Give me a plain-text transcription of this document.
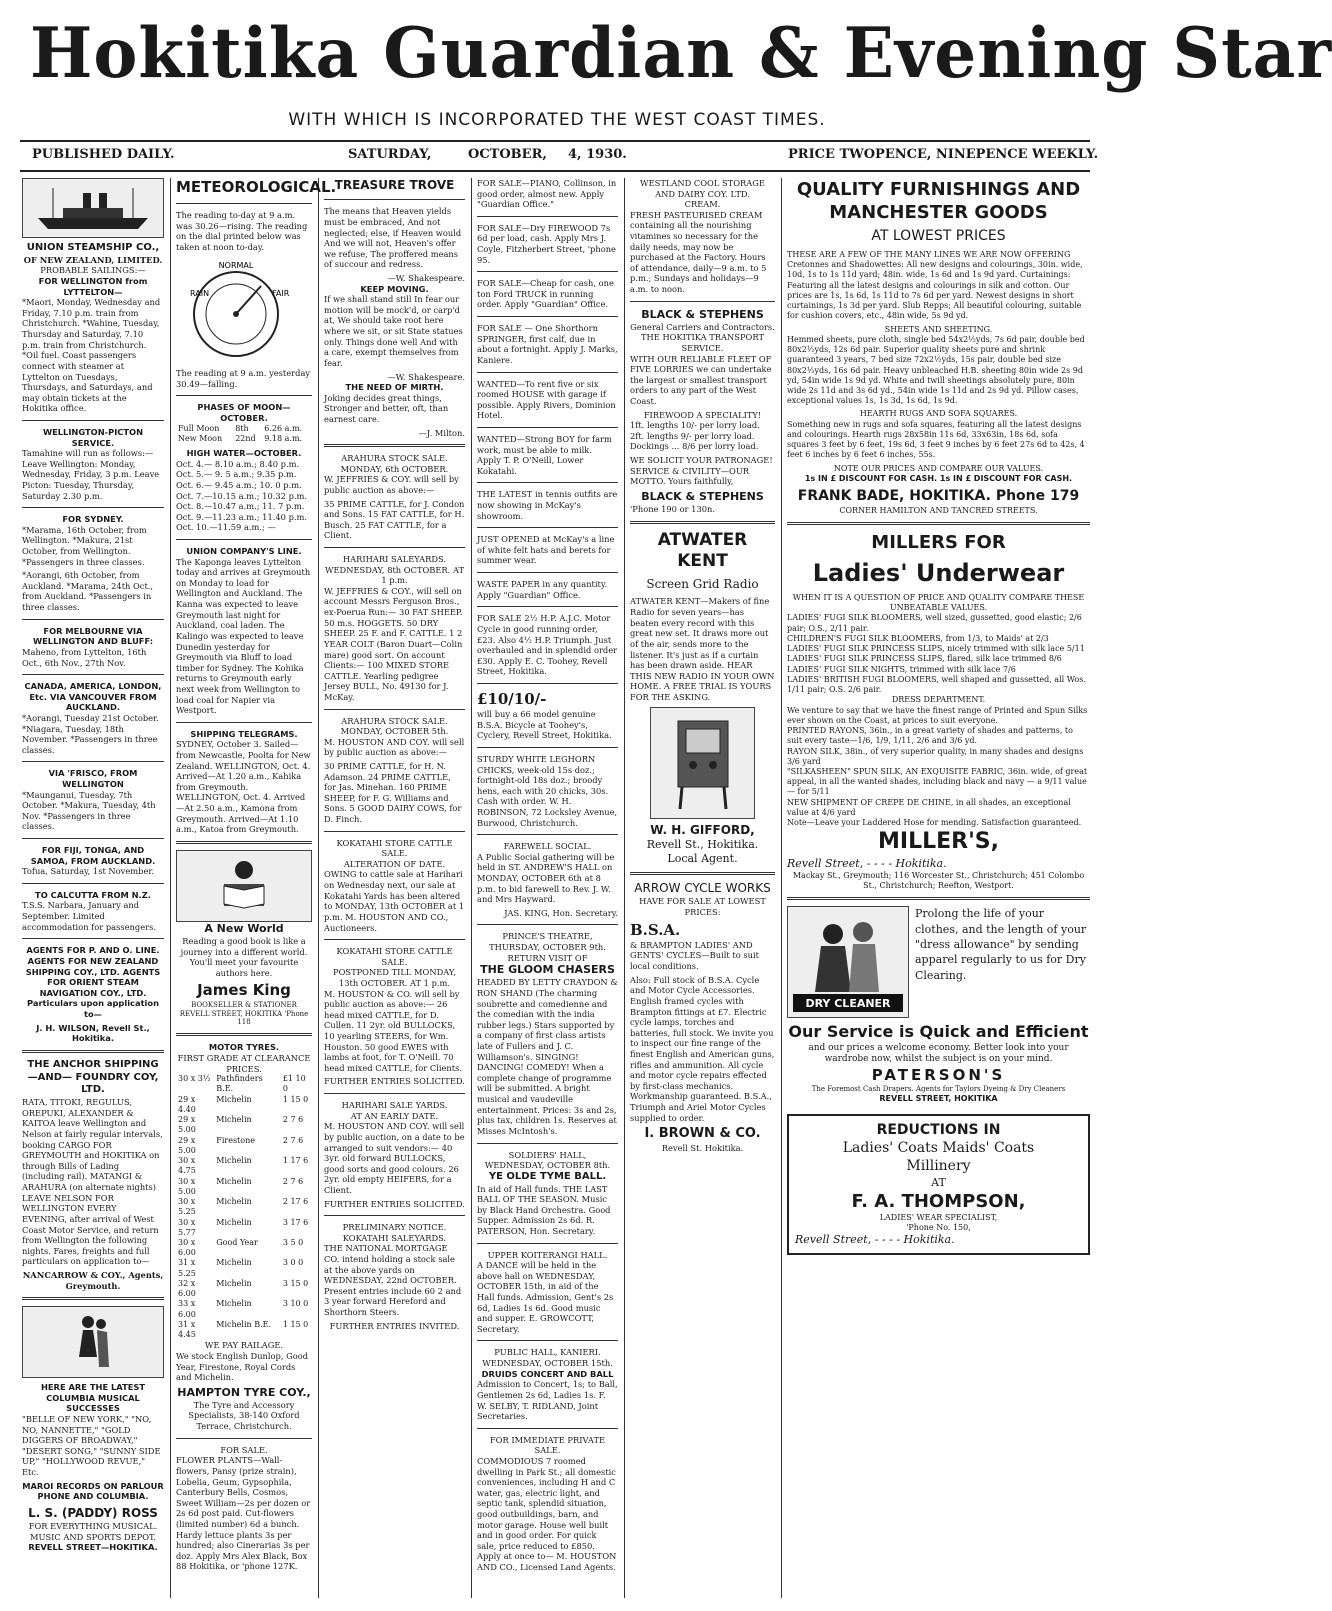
Hokitika Guardian & Evening Star
WITH WHICH IS INCORPORATED THE WEST COAST TIMES.
PUBLISHED DAILY.	SATURDAY,	OCTOBER, 4, 1930.	PRICE TWOPENCE, NINEPENCE WEEKLY.
UNION STEAMSHIP CO.,
OF NEW ZEALAND, LIMITED.
PROBABLE SAILINGS:—
FOR WELLINGTON from LYTTELTON—

*Maori, Monday, Wednesday and Friday, 7.10 p.m. train from Christchurch. *Wahine, Tuesday, Thursday and Saturday, 7.10 p.m. train from Christchurch. *Oil fuel. Coast passengers connect with steamer at Lyttelton on Tuesdays, Thursdays, and Saturdays, and may obtain tickets at the Hokitika office.

WELLINGTON-PICTON SERVICE.

Tamahine will run as follows:— Leave Wellington: Monday, Wednesday, Friday, 3 p.m. Leave Picton: Tuesday, Thursday, Saturday 2.30 p.m.

FOR SYDNEY.

*Marama, 16th October, from Wellington. *Makura, 21st October, from Wellington. *Passengers in three classes.

*Aorangi, 6th October, from Auckland. *Marama, 24th Oct., from Auckland. *Passengers in three classes.

FOR MELBOURNE VIA WELLINGTON AND BLUFF:

Maheno, from Lyttelton, 16th Oct., 6th Nov., 27th Nov.

CANADA, AMERICA, LONDON, Etc. VIA VANCOUVER FROM AUCKLAND.

*Aorangi, Tuesday 21st October. *Niagara, Tuesday, 18th November. *Passengers in three classes.

VIA 'FRISCO, FROM WELLINGTON

*Maunganui, Tuesday, 7th October. *Makura, Tuesday, 4th Nov. *Passengers in three classes.

FOR FIJI, TONGA, AND SAMOA, FROM AUCKLAND.

Tofua, Saturday, 1st November.

TO CALCUTTA FROM N.Z.

T.S.S. Narbara, January and September. Limited accommodation for passengers.

AGENTS FOR P. AND O. LINE. AGENTS FOR NEW ZEALAND SHIPPING COY., LTD. AGENTS FOR ORIENT STEAM NAVIGATION COY., LTD. Particulars upon application to—

J. H. WILSON, Revell St., Hokitika.
THE ANCHOR SHIPPING —AND— FOUNDRY COY, LTD.

RATA, TITOKI, REGULUS, OREPUKI, ALEXANDER & KAITOA leave Wellington and Nelson at fairly regular intervals, booking CARGO FOR GREYMOUTH and HOKITIKA on through Bills of Lading (including rail). MATANGI & ARAHURA (on alternate nights) LEAVE NELSON FOR WELLINGTON EVERY EVENING, after arrival of West Coast Motor Service, and return from Wellington the following nights. Fares, freights and full particulars on application to—

NANCARROW & COY., Agents, Greymouth.
HERE ARE THE LATEST COLUMBIA MUSICAL SUCCESSES

"BELLE OF NEW YORK," "NO, NO, NANNETTE," "GOLD DIGGERS OF BROADWAY," "DESERT SONG," "SUNNY SIDE UP," "HOLLYWOOD REVUE," Etc.

MAROI RECORDS ON PARLOUR PHONE AND COLUMBIA.
L. S. (PADDY) ROSS
FOR EVERYTHING MUSICAL.
MUSIC AND SPORTS DEPOT.
REVELL STREET—HOKITIKA.
METEOROLOGICAL.

The reading to-day at 9 a.m. was 30.26—rising. The reading on the dial printed below was taken at noon to-day.

NORMAL
RAIN	FAIR

The reading at 9 a.m. yesterday 30.49—falling.

PHASES OF MOON—OCTOBER.
Full Moon	8th	6.26 a.m.
New Moon	22nd	9.18 a.m.
HIGH WATER—OCTOBER.
Oct. 4.— 8.10 a.m.; 8.40 p.m.
Oct. 5.— 9. 5 a.m.; 9.35 p.m.
Oct. 6.— 9.45 a.m.; 10. 0 p.m.
Oct. 7.—10.15 a.m.; 10.32 p.m.
Oct. 8.—10.47 a.m.; 11. 7 p.m.
Oct. 9.—11.23 a.m.; 11.40 p.m.
Oct. 10.—11.59 a.m.; —
UNION COMPANY'S LINE.

The Kaponga leaves Lyttelton today and arrives at Greymouth on Monday to load for Wellington and Auckland. The Kanna was expected to leave Greymouth last night for Auckland, coal laden. The Kalingo was expected to leave Dunedin yesterday for Greymouth via Bluff to load timber for Sydney. The Kohika returns to Greymouth early next week from Wellington to load coal for Napier via Westport.

SHIPPING TELEGRAMS.

SYDNEY, October 3. Sailed—from Newcastle, Poolta for New Zealand. WELLINGTON, Oct. 4. Arrived—At 1.20 a.m., Kahika from Greymouth. WELLINGTON, Oct. 4. Arrived—At 2.50 a.m., Kamona from Greymouth. Arrived—At 1.10 a.m., Katoa from Greymouth.

A New World

Reading a good book is like a journey into a different world. You'll meet your favourite authors here.

James King
BOOKSELLER & STATIONER REVELL STREET, HOKITIKA 'Phone 118
MOTOR TYRES.
FIRST GRADE AT CLEARANCE PRICES.
30 x 3½	Pathfinders B.E.	£1 10 0
29 x 4.40	Michelin	1 15 0
29 x 5.00	Michelin	2 7 6
29 x 5.00	Firestone	2 7 6
30 x 4.75	Michelin	1 17 6
30 x 5.00	Michelin	2 7 6
30 x 5.25	Michelin	2 17 6
30 x 5.77	Michelin	3 17 6
30 x 6.00	Good Year	3 5 0
31 x 5.25	Michelin	3 0 0
32 x 6.00	Michelin	3 15 0
33 x 6.00	Michelin	3 10 0
31 x 4.45	Michelin B.E.	1 15 0
WE PAY RAILAGE.

We stock English Dunlop, Good Year, Firestone, Royal Cords and Michelin.

HAMPTON TYRE COY.,

The Tyre and Accessory Specialists, 38-140 Oxford Terrace, Christchurch.

FOR SALE.

FLOWER PLANTS—Wall-flowers, Pansy (prize strain), Lobelia, Geum, Gypsophila, Canterbury Bells, Cosmos, Sweet William—2s per dozen or 2s 6d post paid. Cut-flowers (limited number) 6d a bunch. Hardy lettuce plants 3s per hundred; also Cinerarias 3s per doz. Apply Mrs Alex Black, Box 88 Hokitika, or 'phone 127K.

TREASURE TROVE

The means that Heaven yields must be embraced, And not neglected; else, if Heaven would And we will not, Heaven's offer we refuse, The proffered means of succour and redress.

—W. Shakespeare.
KEEP MOVING.

If we shall stand still In fear our motion will be mock'd, or carp'd at, We should take root here where we sit, or sit State statues only. Things done well And with a care, exempt themselves from fear.

—W. Shakespeare.
THE NEED OF MIRTH.

Joking decides great things, Stronger and better, oft, than earnest care.

—J. Milton.
ARAHURA STOCK SALE.
MONDAY, 6th OCTOBER.

W. JEFFRIES & COY. will sell by public auction as above:—

35 PRIME CATTLE, for J. Condon and Sons. 15 FAT CATTLE, for H. Busch. 25 FAT CATTLE, for a Client.

HARIHARI SALEYARDS.
WEDNESDAY, 8th OCTOBER. AT 1 p.m.

W. JEFFRIES & COY., will sell on account Messrs Ferguson Bros., ex-Poerua Run:— 30 FAT SHEEP. 50 m.s. HOGGETS. 50 DRY SHEEP. 25 F. and F. CATTLE. 1 2 YEAR COLT (Baron Duart—Colin mare) good sort. On account Clients:— 100 MIXED STORE CATTLE. Yearling pedigree Jersey BULL, No. 49130 for J. McKay.

ARAHURA STOCK SALE.
MONDAY, OCTOBER 5th.

M. HOUSTON AND COY. will sell by public auction as above:—

30 PRIME CATTLE, for H. N. Adamson. 24 PRIME CATTLE, for Jas. Minehan. 160 PRIME SHEEP, for F. G. Williams and Sons. 5 GOOD DAIRY COWS, for D. Finch.

KOKATAHI STORE CATTLE SALE.
ALTERATION OF DATE.

OWING to cattle sale at Harihari on Wednesday next, our sale at Kokatahi Yards has been altered to MONDAY, 13th OCTOBER at 1 p.m. M. HOUSTON AND CO., Auctioneers.

KOKATAHI STORE CATTLE SALE.
POSTPONED TILL MONDAY, 13th OCTOBER. AT 1 p.m.

M. HOUSTON & CO. will sell by public auction as above:— 26 head mixed CATTLE, for D. Cullen. 11 2yr. old BULLOCKS, 10 yearling STEERS, for Wm. Houston. 50 good EWES with lambs at foot, for T. O'Neill. 70 head mixed CATTLE, for Clients.

FURTHER ENTRIES SOLICITED.
HARIHARI SALE YARDS.
AT AN EARLY DATE.

M. HOUSTON AND COY. will sell by public auction, on a date to be arranged to suit vendors:— 40 3yr. old forward BULLOCKS, good sorts and good colours. 26 2yr. old empty HEIFERS, for a Client.

FURTHER ENTRIES SOLICITED.
PRELIMINARY NOTICE.
KOKATAHI SALEYARDS.

THE NATIONAL MORTGAGE CO. intend holding a stock sale at the above yards on WEDNESDAY, 22nd OCTOBER. Present entries include 60 2 and 3 year forward Hereford and Shorthorn Steers.

FURTHER ENTRIES INVITED.

FOR SALE—PIANO, Collinson, in good order, almost new. Apply "Guardian Office."

FOR SALE—Dry FIREWOOD 7s 6d per load, cash. Apply Mrs J. Coyle, Fitzherbert Street, 'phone 95.

FOR SALE—Cheap for cash, one ton Ford TRUCK in running order. Apply "Guardian" Office.

FOR SALE — One Shorthorn SPRINGER, first calf, due in about a fortnight. Apply J. Marks, Kaniere.

WANTED—To rent five or six roomed HOUSE with garage if possible. Apply Rivers, Dominion Hotel.

WANTED—Strong BOY for farm work, must be able to milk. Apply T. P. O'Neill, Lower Kokatahi.

THE LATEST in tennis outfits are now showing in McKay's showroom.

JUST OPENED at McKay's a line of white felt hats and berets for summer wear.

WASTE PAPER in any quantity. Apply "Guardian" Office.

FOR SALE 2½ H.P. A.J.C. Motor Cycle in good running order, £23. Also 4½ H.P. Triumph. Just overhauled and in splendid order £30. Apply E. C. Toohey, Revell Street, Hokitika.

£10/10/-

will buy a 66 model genuine B.S.A. Bicycle at Toohey's, Cyclery, Revell Street, Hokitika.

STURDY WHITE LEGHORN CHICKS, week-old 15s doz.; fortnight-old 18s doz.; broody hens, each with 20 chicks, 30s. Cash with order. W. H. ROBINSON, 72 Locksley Avenue, Burwood, Christchurch.

FAREWELL SOCIAL.

A Public Social gathering will be held in ST. ANDREW'S HALL on MONDAY, OCTOBER 6th at 8 p.m. to bid farewell to Rev. J. W. and Mrs Hayward.

JAS. KING, Hon. Secretary.
PRINCE'S THEATRE,
THURSDAY, OCTOBER 9th.
RETURN VISIT OF
THE GLOOM CHASERS

HEADED BY LETTY CRAYDON & RON SHAND (The charming soubrette and comedienne and the comedian with the india rubber legs.) Stars supported by a company of first class artists late of Fullers and J. C. Williamson's. SINGING! DANCING! COMEDY! When a complete change of programme will be submitted. A bright musical and vaudeville entertainment. Prices: 3s and 2s, plus tax, children 1s. Reserves at Misses McIntosh's.

SOLDIERS' HALL,
WEDNESDAY, OCTOBER 8th.
YE OLDE TYME BALL.

In aid of Hall funds. THE LAST BALL OF THE SEASON. Music by Black Hand Orchestra. Good Supper. Admission 2s 6d. R. PATERSON, Hon. Secretary.

UPPER KOITERANGI HALL.

A DANCE will be held in the above hall on WEDNESDAY, OCTOBER 15th, in aid of the Hall funds. Admission, Gent's 2s 6d, Ladies 1s 6d. Good music and supper. E. GROWCOTT, Secretary.

PUBLIC HALL, KANIERI.
WEDNESDAY, OCTOBER 15th.
DRUIDS CONCERT AND BALL

Admission to Concert, 1s; to Ball, Gentlemen 2s 6d, Ladies 1s. F. W. SELBY, T. RIDLAND, Joint Secretaries.

FOR IMMEDIATE PRIVATE SALE.

COMMODIOUS 7 roomed dwelling in Park St.; all domestic conveniences, including H and C water, gas, electric light, and septic tank, splendid situation, good outbuildings, barn, and motor garage. House well built and in good order. For quick sale, price reduced to £850. Apply at once to— M. HOUSTON AND CO., Licensed Land Agents.

WESTLAND COOL STORAGE AND DAIRY COY. LTD.
CREAM.

FRESH PASTEURISED CREAM containing all the nourishing vitamines so necessary for the daily needs, may now be purchased at the Factory. Hours of attendance, daily—9 a.m. to 5 p.m.; Sundays and holidays—9 a.m. to noon.

BLACK & STEPHENS
General Carriers and Contractors.
THE HOKITIKA TRANSPORT SERVICE.

WITH OUR RELIABLE FLEET OF FIVE LORRIES we can undertake the largest or smallest transport orders to any part of the West Coast.

FIREWOOD A SPECIALITY!

1ft. lengths 10/- per lorry load. 2ft. lengths 9/- per lorry load. Dockings ... 8/6 per lorry load.

WE SOLICIT YOUR PATRONAGE! SERVICE & CIVILITY—OUR MOTTO. Yours faithfully,

BLACK & STEPHENS
'Phone 190 or 130n.
ATWATER KENT
Screen Grid Radio

ATWATER KENT—Makers of fine Radio for seven years—has beaten every record with this great new set. It draws more out of the air, sends more to the listener. It's just as if a curtain has been drawn aside. HEAR THIS NEW RADIO IN YOUR OWN HOME. A FREE TRIAL IS YOURS FOR THE ASKING.

W. H. GIFFORD,
Revell St., Hokitika.
Local Agent.
ARROW CYCLE WORKS

HAVE FOR SALE AT LOWEST PRICES:

B.S.A.

& BRAMPTON LADIES' AND GENTS' CYCLES—Built to suit local conditions.

Also: Full stock of B.S.A. Cycle and Motor Cycle Accessories. English framed cycles with Brampton fittings at £7. Electric cycle lamps, torches and batteries, full stock. We invite you to inspect our fine range of the finest English and American guns, rifles and ammunition. All cycle and motor cycle repairs effected by first-class mechanics. Workmanship guaranteed. B.S.A., Triumph and Ariel Motor Cycles supplied to order.

I. BROWN & CO.
Revell St. Hokitika.
QUALITY FURNISHINGS AND MANCHESTER GOODS
AT LOWEST PRICES

THESE ARE A FEW OF THE MANY LINES WE ARE NOW OFFERING Cretonnes and Shadowettes: All new designs and colourings, 30in. wide, 10d, 1s to 1s 11d yard; 48in. wide, 1s 6d and 1s 9d yard. Curtainings: Featuring all the latest designs and colourings in silk and cotton. Our prices are 1s, 1s 6d, 1s 11d to 7s 6d per yard. Newest designs in short curtainings, 1s 3d per yard. Slub Repps; All beautiful colouring, suitable for cushion covers, etc., 48in wide, 5s 9d yd.

SHEETS AND SHEETING.

Hemmed sheets, pure cloth, single bed 54x2½yds, 7s 6d pair, double bed 80x2½yds, 12s 6d pair. Superior quality sheets pure and shrink guaranteed 3 years, 7 bed size 72x2½yds, 15s pair, double bed size 80x2½yds, 16s 6d pair. Heavy unbleached H.B. sheeting 80in wide 2s 9d yd, 54in wide 1s 9d yd. White and twill sheetings absolutely pure, 80in wide 2s 11d and 3s 6d yd., 54in wide 1s 11d and 2s 9d yd. Pillow cases, exceptional values 1s, 1s 3d, 1s 6d, 1s 9d.

HEARTH RUGS AND SOFA SQUARES.

Something new in rugs and sofa squares, featuring all the latest designs and colourings. Hearth rugs 28x58in 11s 6d, 33x63in, 18s 6d, sofa squares 3 feet by 6 feet, 19s 6d, 3 feet 9 inches by 6 feet 27s 6d to 42s, 4 feet 6 inches by 6 feet 6 inches, 55s.

NOTE OUR PRICES AND COMPARE OUR VALUES.
1s IN £ DISCOUNT FOR CASH. 1s IN £ DISCOUNT FOR CASH.
FRANK BADE, HOKITIKA. Phone 179
CORNER HAMILTON AND TANCRED STREETS.
MILLERS FOR
Ladies' Underwear
WHEN IT IS A QUESTION OF PRICE AND QUALITY COMPARE THESE UNBEATABLE VALUES.
LADIES' FUGI SILK BLOOMERS, well sized, gussetted, good elastic; 2/6 pair; O.S., 2/11 pair.
CHILDREN'S FUGI SILK BLOOMERS, from 1/3, to Maids' at 2/3
LADIES' FUGI SILK PRINCESS SLIPS, nicely trimmed with silk lace 5/11
LADIES' FUGI SILK PRINCESS SLIPS, flared, silk lace trimmed 8/6
LADIES' FUGI SILK NIGHTS, trimmed with silk lace 7/6
LADIES' BRITISH FUGI BLOOMERS, well shaped and gussetted, all Wos. 1/11 pair; O.S. 2/6 pair.
DRESS DEPARTMENT.
We venture to say that we have the finest range of Printed and Spun Silks ever shown on the Coast, at prices to suit everyone.
PRINTED RAYONS, 36in., in a great variety of shades and patterns, to suit every taste—1/6, 1/9, 1/11, 2/6 and 3/6 yd.
RAYON SILK, 38in., of very superior quality, in many shades and designs 3/6 yard
"SILKASHEEN" SPUN SILK, AN EXQUISITE FABRIC, 36in. wide, of great appeal, in all the wanted shades, including black and navy — a 9/11 value — for 5/11
NEW SHIPMENT OF CREPE DE CHINE, in all shades, an exceptional value at 4/6 yard
Note—Leave your Laddered Hose for mending. Satisfaction guaranteed.
MILLER'S,
Revell Street, - - - - Hokitika.
Mackay St., Greymouth; 116 Worcester St., Christchurch; 451 Colombo St., Christchurch; Reefton, Westport.
DRY CLEANER
Prolong the life of your clothes, and the length of your "dress allowance" by sending apparel regularly to us for Dry Clearing.
Our Service is Quick and Efficient
and our prices a welcome economy. Better look into your wardrobe now, whilst the subject is on your mind.
PATERSON'S
The Foremost Cash Drapers. Agents for Taylors Dyeing & Dry Cleaners
REVELL STREET, HOKITIKA
REDUCTIONS IN
Ladies' Coats Maids' Coats
Millinery
AT
F. A. THOMPSON,
LADIES' WEAR SPECIALIST,
'Phone No. 150,
Revell Street, - - - - Hokitika.
